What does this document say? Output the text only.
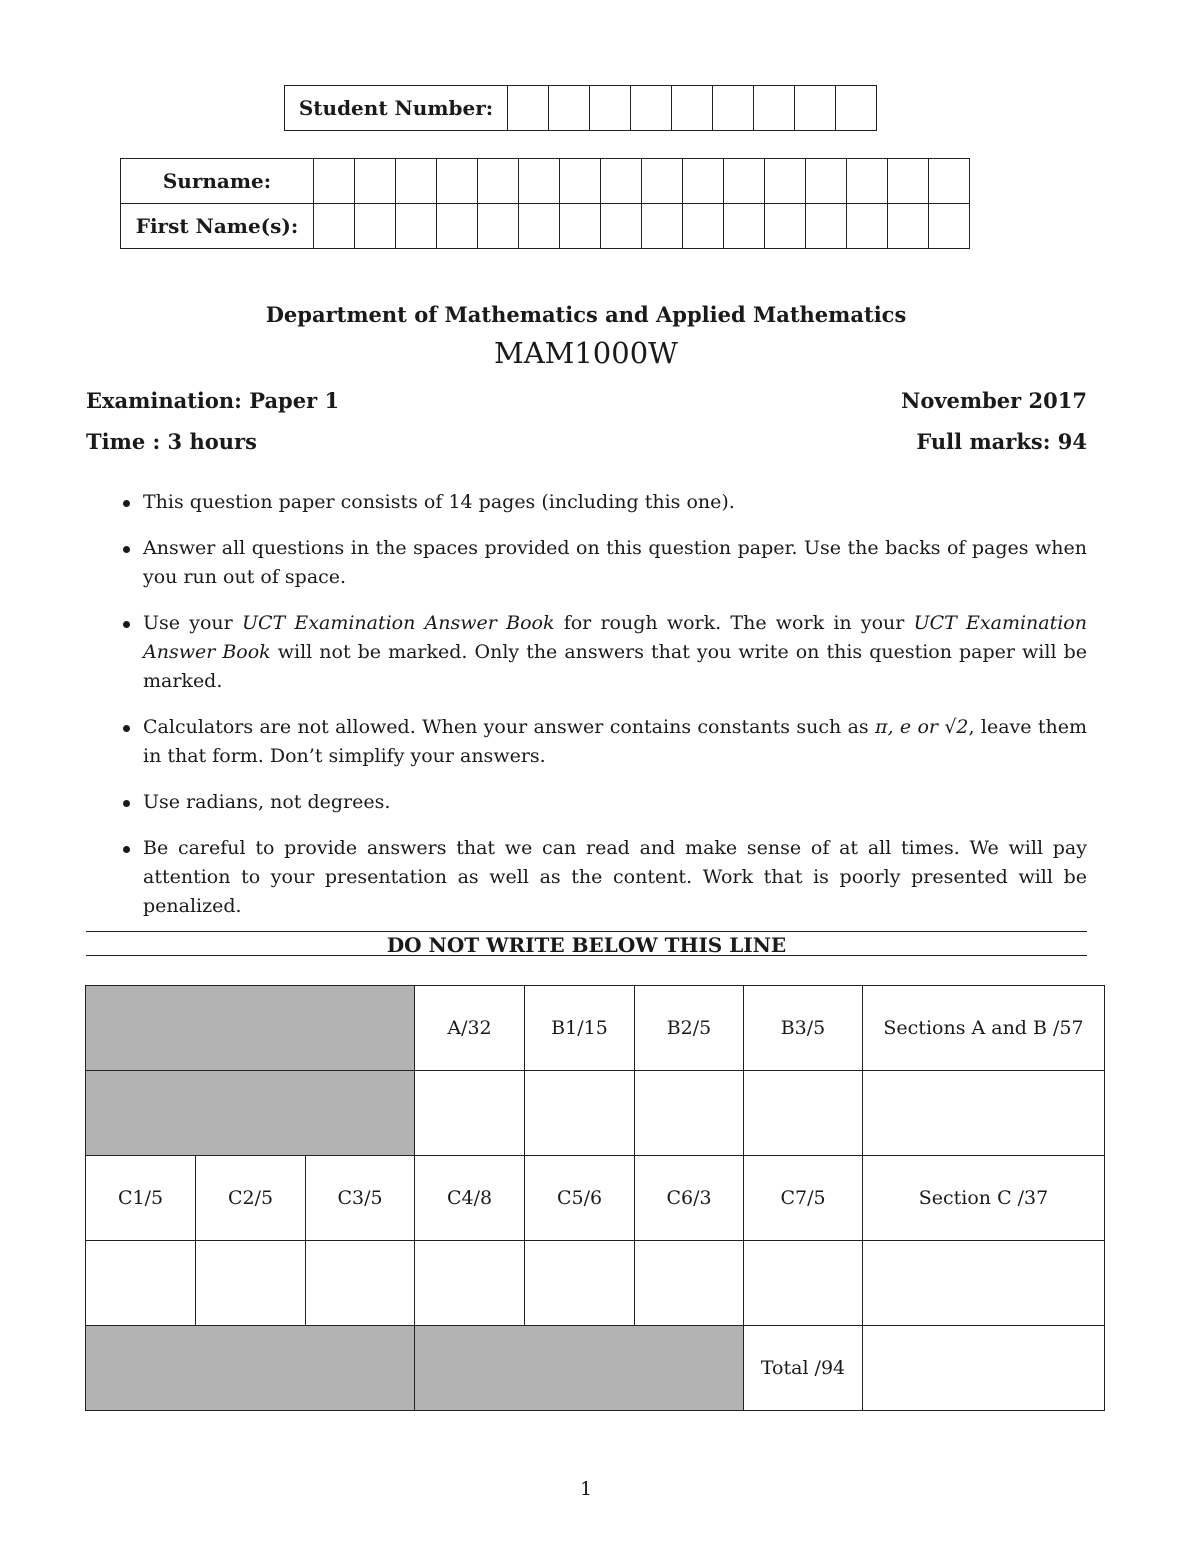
Student Number:									
Surname:																
First Name(s):																
Department of Mathematics and Applied Mathematics
MAM1000W
Examination: Paper 1	November 2017
Time : 3 hours	Full marks: 94
This question paper consists of 14 pages (including this one).
Answer all questions in the spaces provided on this question paper. Use the backs of pages when you run out of space.
Use your UCT Examination Answer Book for rough work. The work in your UCT Examination Answer Book will not be marked. Only the answers that you write on this question paper will be marked.
Calculators are not allowed. When your answer contains constants such as π, e or √2, leave them in that form. Don’t simplify your answers.
Use radians, not degrees.
Be careful to provide answers that we can read and make sense of at all times. We will pay attention to your presentation as well as the content. Work that is poorly presented will be penalized.
DO NOT WRITE BELOW THIS LINE
			A/32	B1/15	B2/5	B3/5	Sections A and B /57

C1/5	C2/5	C3/5	C4/8	C5/6	C6/3	C7/5	Section C /37

						Total /94	
1
